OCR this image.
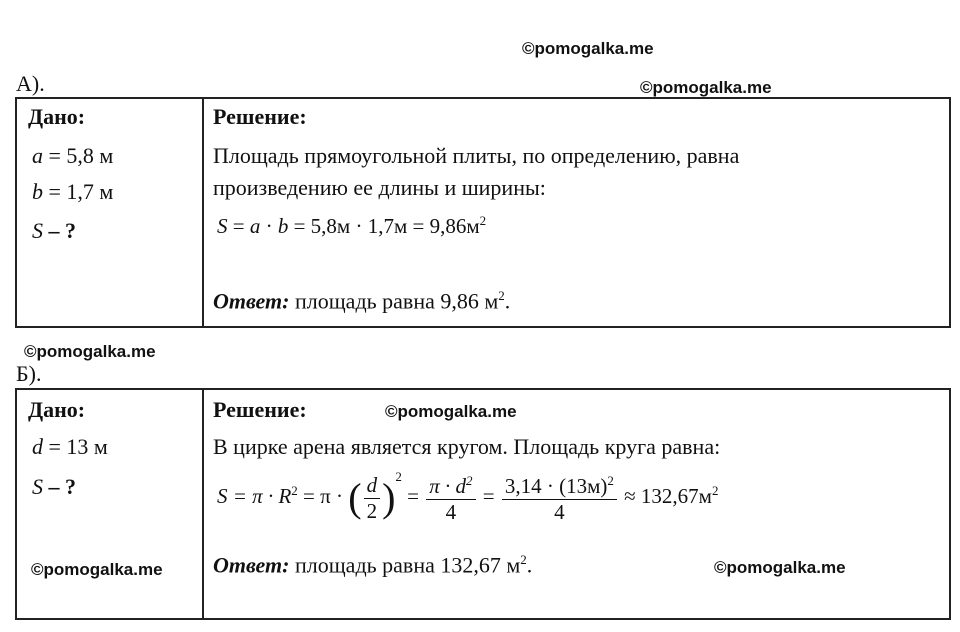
©pomogalka.me
©pomogalka.me
©pomogalka.me
А).
Дано:
a = 5,8 м
b = 1,7 м
S – ?
Решение:
Площадь прямоугольной плиты, по определению, равна
произведению ее длины и ширины:
$S = a \cdot b = 5,8м \cdot 1,7м = 9,86м^2$
Ответ: площадь равна 9,86 $м^2$.
Б).
Дано:
d = 13 м
S – ?
©pomogalka.me
Решение:	©pomogalka.me
В цирке арена является кругом. Площадь круга равна:
$S = \pi \cdot R^2 = \pi$ · ( $\frac{d}{2} )^2 = \frac{\pi \cdot d^2}{4} = \frac{3,14 \cdot (13м)^2}{4} \approx 132,67м^2$
Ответ: площадь равна 132,67 $м^2$.	©pomogalka.me
